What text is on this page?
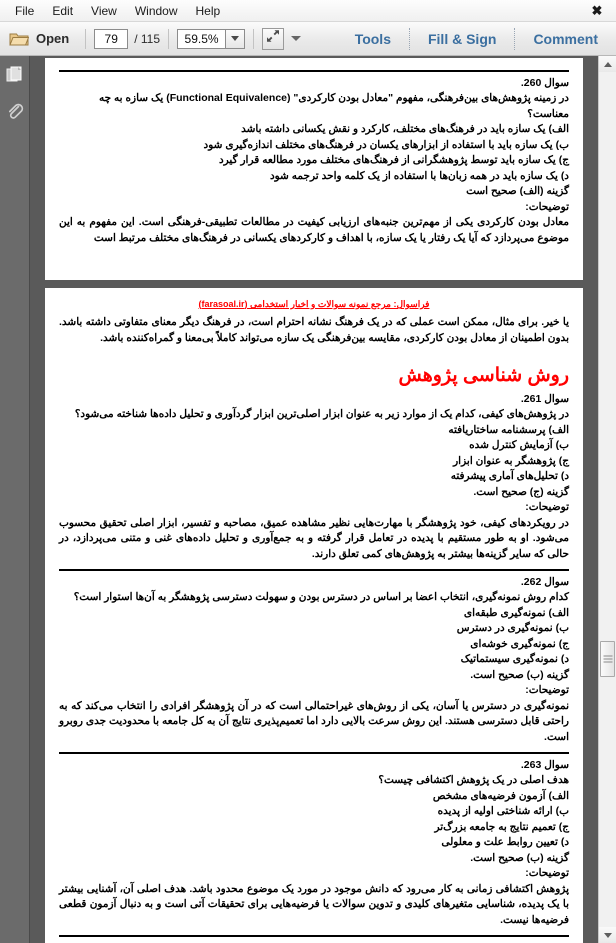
File	Edit	View	Window	Help	✖
Open	79	/ 115	59.5%	Tools	Fill & Sign	Comment
سوال 260.
در زمینه پژوهش‌های بین‌فرهنگی، مفهوم "معادل بودن کارکردی" (Functional Equivalence) یک سازه به چه معناست؟
الف) یک سازه باید در فرهنگ‌های مختلف، کارکرد و نقش یکسانی داشته باشد
ب) یک سازه باید با استفاده از ابزارهای یکسان در فرهنگ‌های مختلف اندازه‌گیری شود
ج) یک سازه باید توسط پژوهشگرانی از فرهنگ‌های مختلف مورد مطالعه قرار گیرد
د) یک سازه باید در همه زبان‌ها با استفاده از یک کلمه واحد ترجمه شود
گزینه (الف) صحیح است
توضیحات:
معادل بودن کارکردی یکی از مهم‌ترین جنبه‌های ارزیابی کیفیت در مطالعات تطبیقی-فرهنگی است. این مفهوم به این موضوع می‌پردازد که آیا یک رفتار یا یک سازه، با اهداف و کارکردهای یکسانی در فرهنگ‌های مختلف مرتبط است
فراسوال: مرجع نمونه سوالات و اخبار استخدامی (farasoal.ir)
یا خیر. برای مثال، ممکن است عملی که در یک فرهنگ نشانه احترام است، در فرهنگ دیگر معنای متفاوتی داشته باشد. بدون اطمینان از معادل بودن کارکردی، مقایسه بین‌فرهنگی یک سازه می‌تواند کاملاً بی‌معنا و گمراه‌کننده باشد.
روش شناسی پژوهش
سوال 261.
در پژوهش‌های کیفی، کدام یک از موارد زیر به عنوان ابزار اصلی‌ترین ابزار گردآوری و تحلیل داده‌ها شناخته می‌شود؟
الف) پرسشنامه ساختاریافته
ب) آزمایش کنترل شده
ج) پژوهشگر به عنوان ابزار
د) تحلیل‌های آماری پیشرفته
گزینه (ج) صحیح است.
توضیحات:
در رویکردهای کیفی، خود پژوهشگر با مهارت‌هایی نظیر مشاهده عمیق، مصاحبه و تفسیر، ابزار اصلی تحقیق محسوب می‌شود. او به طور مستقیم با پدیده در تعامل قرار گرفته و به جمع‌آوری و تحلیل داده‌های غنی و متنی می‌پردازد، در حالی که سایر گزینه‌ها بیشتر به پژوهش‌های کمی تعلق دارند.
سوال 262.
کدام روش نمونه‌گیری، انتخاب اعضا بر اساس در دسترس بودن و سهولت دسترسی پژوهشگر به آن‌ها استوار است؟
الف) نمونه‌گیری طبقه‌ای
ب) نمونه‌گیری در دسترس
ج) نمونه‌گیری خوشه‌ای
د) نمونه‌گیری سیستماتیک
گزینه (ب) صحیح است.
توضیحات:
نمونه‌گیری در دسترس یا آسان، یکی از روش‌های غیراحتمالی است که در آن پژوهشگر افرادی را انتخاب می‌کند که به راحتی قابل دسترسی هستند. این روش سرعت بالایی دارد اما تعمیم‌پذیری نتایج آن به کل جامعه با محدودیت جدی روبرو است.
سوال 263.
هدف اصلی در یک پژوهش اکتشافی چیست؟
الف) آزمون فرضیه‌های مشخص
ب) ارائه شناختی اولیه از پدیده
ج) تعمیم نتایج به جامعه بزرگ‌تر
د) تعیین روابط علت و معلولی
گزینه (ب) صحیح است.
توضیحات:
پژوهش اکتشافی زمانی به کار می‌رود که دانش موجود در مورد یک موضوع محدود باشد. هدف اصلی آن، آشنایی بیشتر با یک پدیده، شناسایی متغیرهای کلیدی و تدوین سوالات یا فرضیه‌هایی برای تحقیقات آتی است و به دنبال آزمون قطعی فرضیه‌ها نیست.
